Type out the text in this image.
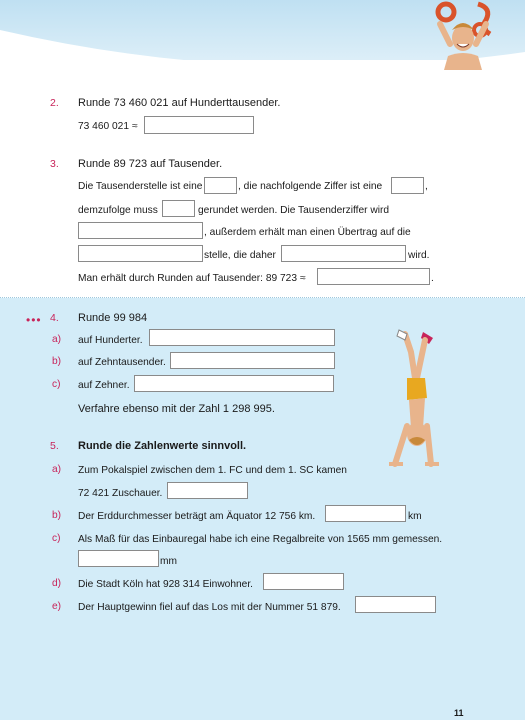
2. Runde 73 460 021 auf Hunderttausender.
73 460 021 ≈
3. Runde 89 723 auf Tausender.
Die Tausenderstelle ist eine	, die nachfolgende Ziffer ist eine	,
demzufolge muss	gerundet werden. Die Tausenderziffer wird
, außerdem erhält man einen Übertrag auf die
stelle, die daher	wird.
Man erhält durch Runden auf Tausender: 89 723 ≈	.
••• 4. Runde 99 984
a) auf Hunderter.
b) auf Zehntausender.
c) auf Zehner.
Verfahre ebenso mit der Zahl 1 298 995.
5. Runde die Zahlenwerte sinnvoll.
a) Zum Pokalspiel zwischen dem 1. FC und dem 1. SC kamen
72 421 Zuschauer.
b) Der Erddurchmesser beträgt am Äquator 12 756 km.	km
c) Als Maß für das Einbauregal habe ich eine Regalbreite von 1565 mm gemessen.
mm
d) Die Stadt Köln hat 928 314 Einwohner.
e) Der Hauptgewinn fiel auf das Los mit der Nummer 51 879.
11
